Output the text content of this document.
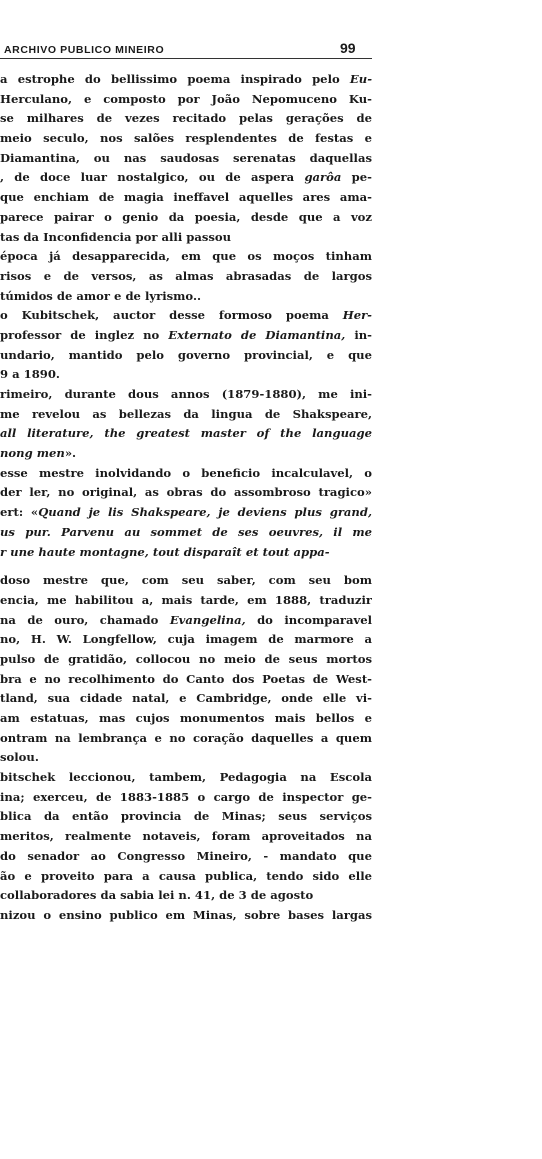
ARCHIVO PUBLICO MINEIRO	99
a estrophe do bellissimo poema inspirado pelo Eu-
Herculano, e composto por João Nepomuceno Ku-
se milhares de vezes recitado pelas gerações de
meio seculo, nos salões resplendentes de festas e
Diamantina, ou nas saudosas serenatas daquellas
, de doce luar nostalgico, ou de aspera garôa pe-
que enchiam de magia ineffavel aquelles ares ama-
parece pairar o genio da poesia, desde que a voz
tas da Inconfidencia por alli passou
época já desapparecida, em que os moços tinham
risos e de versos, as almas abrasadas de largos
túmidos de amor e de lyrismo..
o Kubitschek, auctor desse formoso poema Her-
professor de inglez no Externato de Diamantina, in-
undario, mantido pelo governo provincial, e que
9 a 1890.
rimeiro, durante dous annos (1879-1880), me ini-
me revelou as bellezas da lingua de Shakspeare,
all literature, the greatest master of the language
nong men».
esse mestre inolvidando o beneficio incalculavel, o
der ler, no original, as obras do assombroso tragico»
ert: «Quand je lis Shakspeare, je deviens plus grand,
us pur. Parvenu au sommet de ses oeuvres, il me
r une haute montagne, tout disparaît et tout appa-
doso mestre que, com seu saber, com seu bom
encia, me habilitou a, mais tarde, em 1888, traduzir
na de ouro, chamado Evangelina, do incomparavel
no, H. W. Longfellow, cuja imagem de marmore a
pulso de gratidão, collocou no meio de seus mortos
bra e no recolhimento do Canto dos Poetas de West-
tland, sua cidade natal, e Cambridge, onde elle vi-
am estatuas, mas cujos monumentos mais bellos e
ontram na lembrança e no coração daquelles a quem
solou.
bitschek leccionou, tambem, Pedagogia na Escola
ina; exerceu, de 1883-1885 o cargo de inspector ge-
blica da então provincia de Minas; seus serviços
meritos, realmente notaveis, foram aproveitados na
do senador ao Congresso Mineiro, - mandato que
ão e proveito para a causa publica, tendo sido elle
collaboradores da sabia lei n. 41, de 3 de agosto
nizou o ensino publico em Minas, sobre bases largas
